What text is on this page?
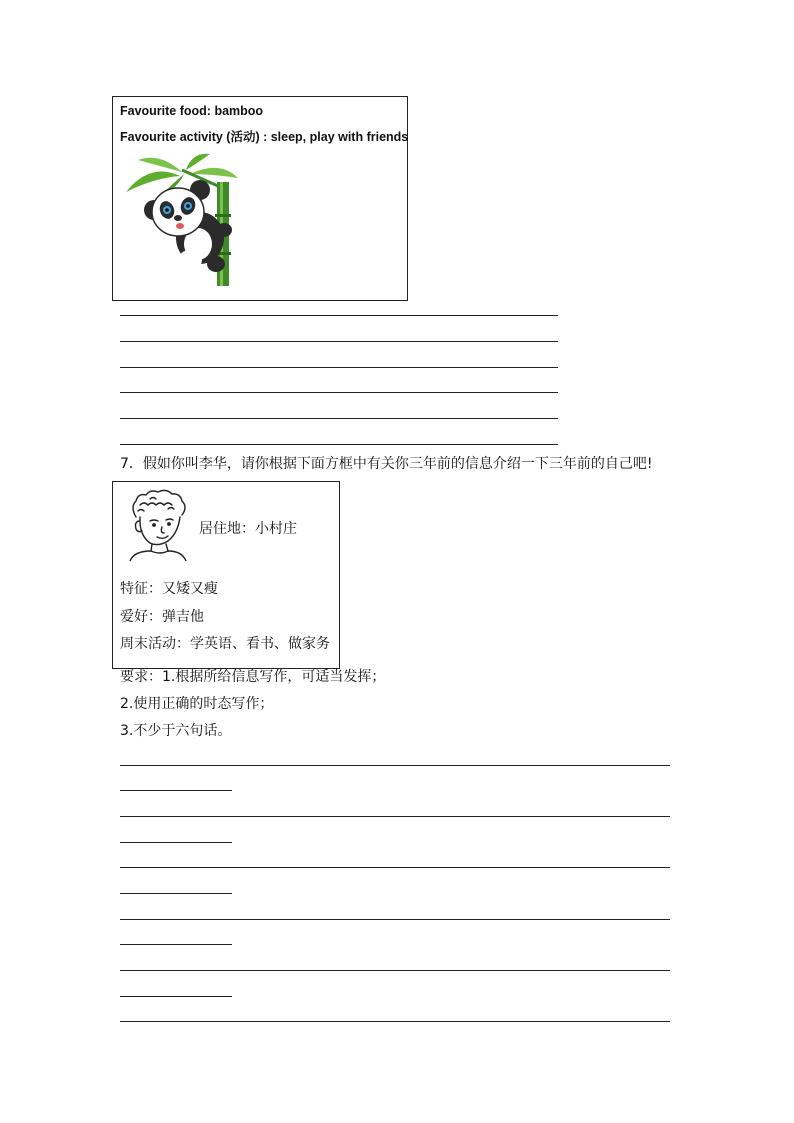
Favourite food: bamboo
Favourite activity (活动) : sleep, play with friends
7．假如你叫李华，请你根据下面方框中有关你三年前的信息介绍一下三年前的自己吧!
居住地：小村庄
特征：又矮又瘦
爱好：弹吉他
周末活动：学英语、看书、做家务
要求：1.根据所给信息写作，可适当发挥；
2.使用正确的时态写作；
3.不少于六句话。
